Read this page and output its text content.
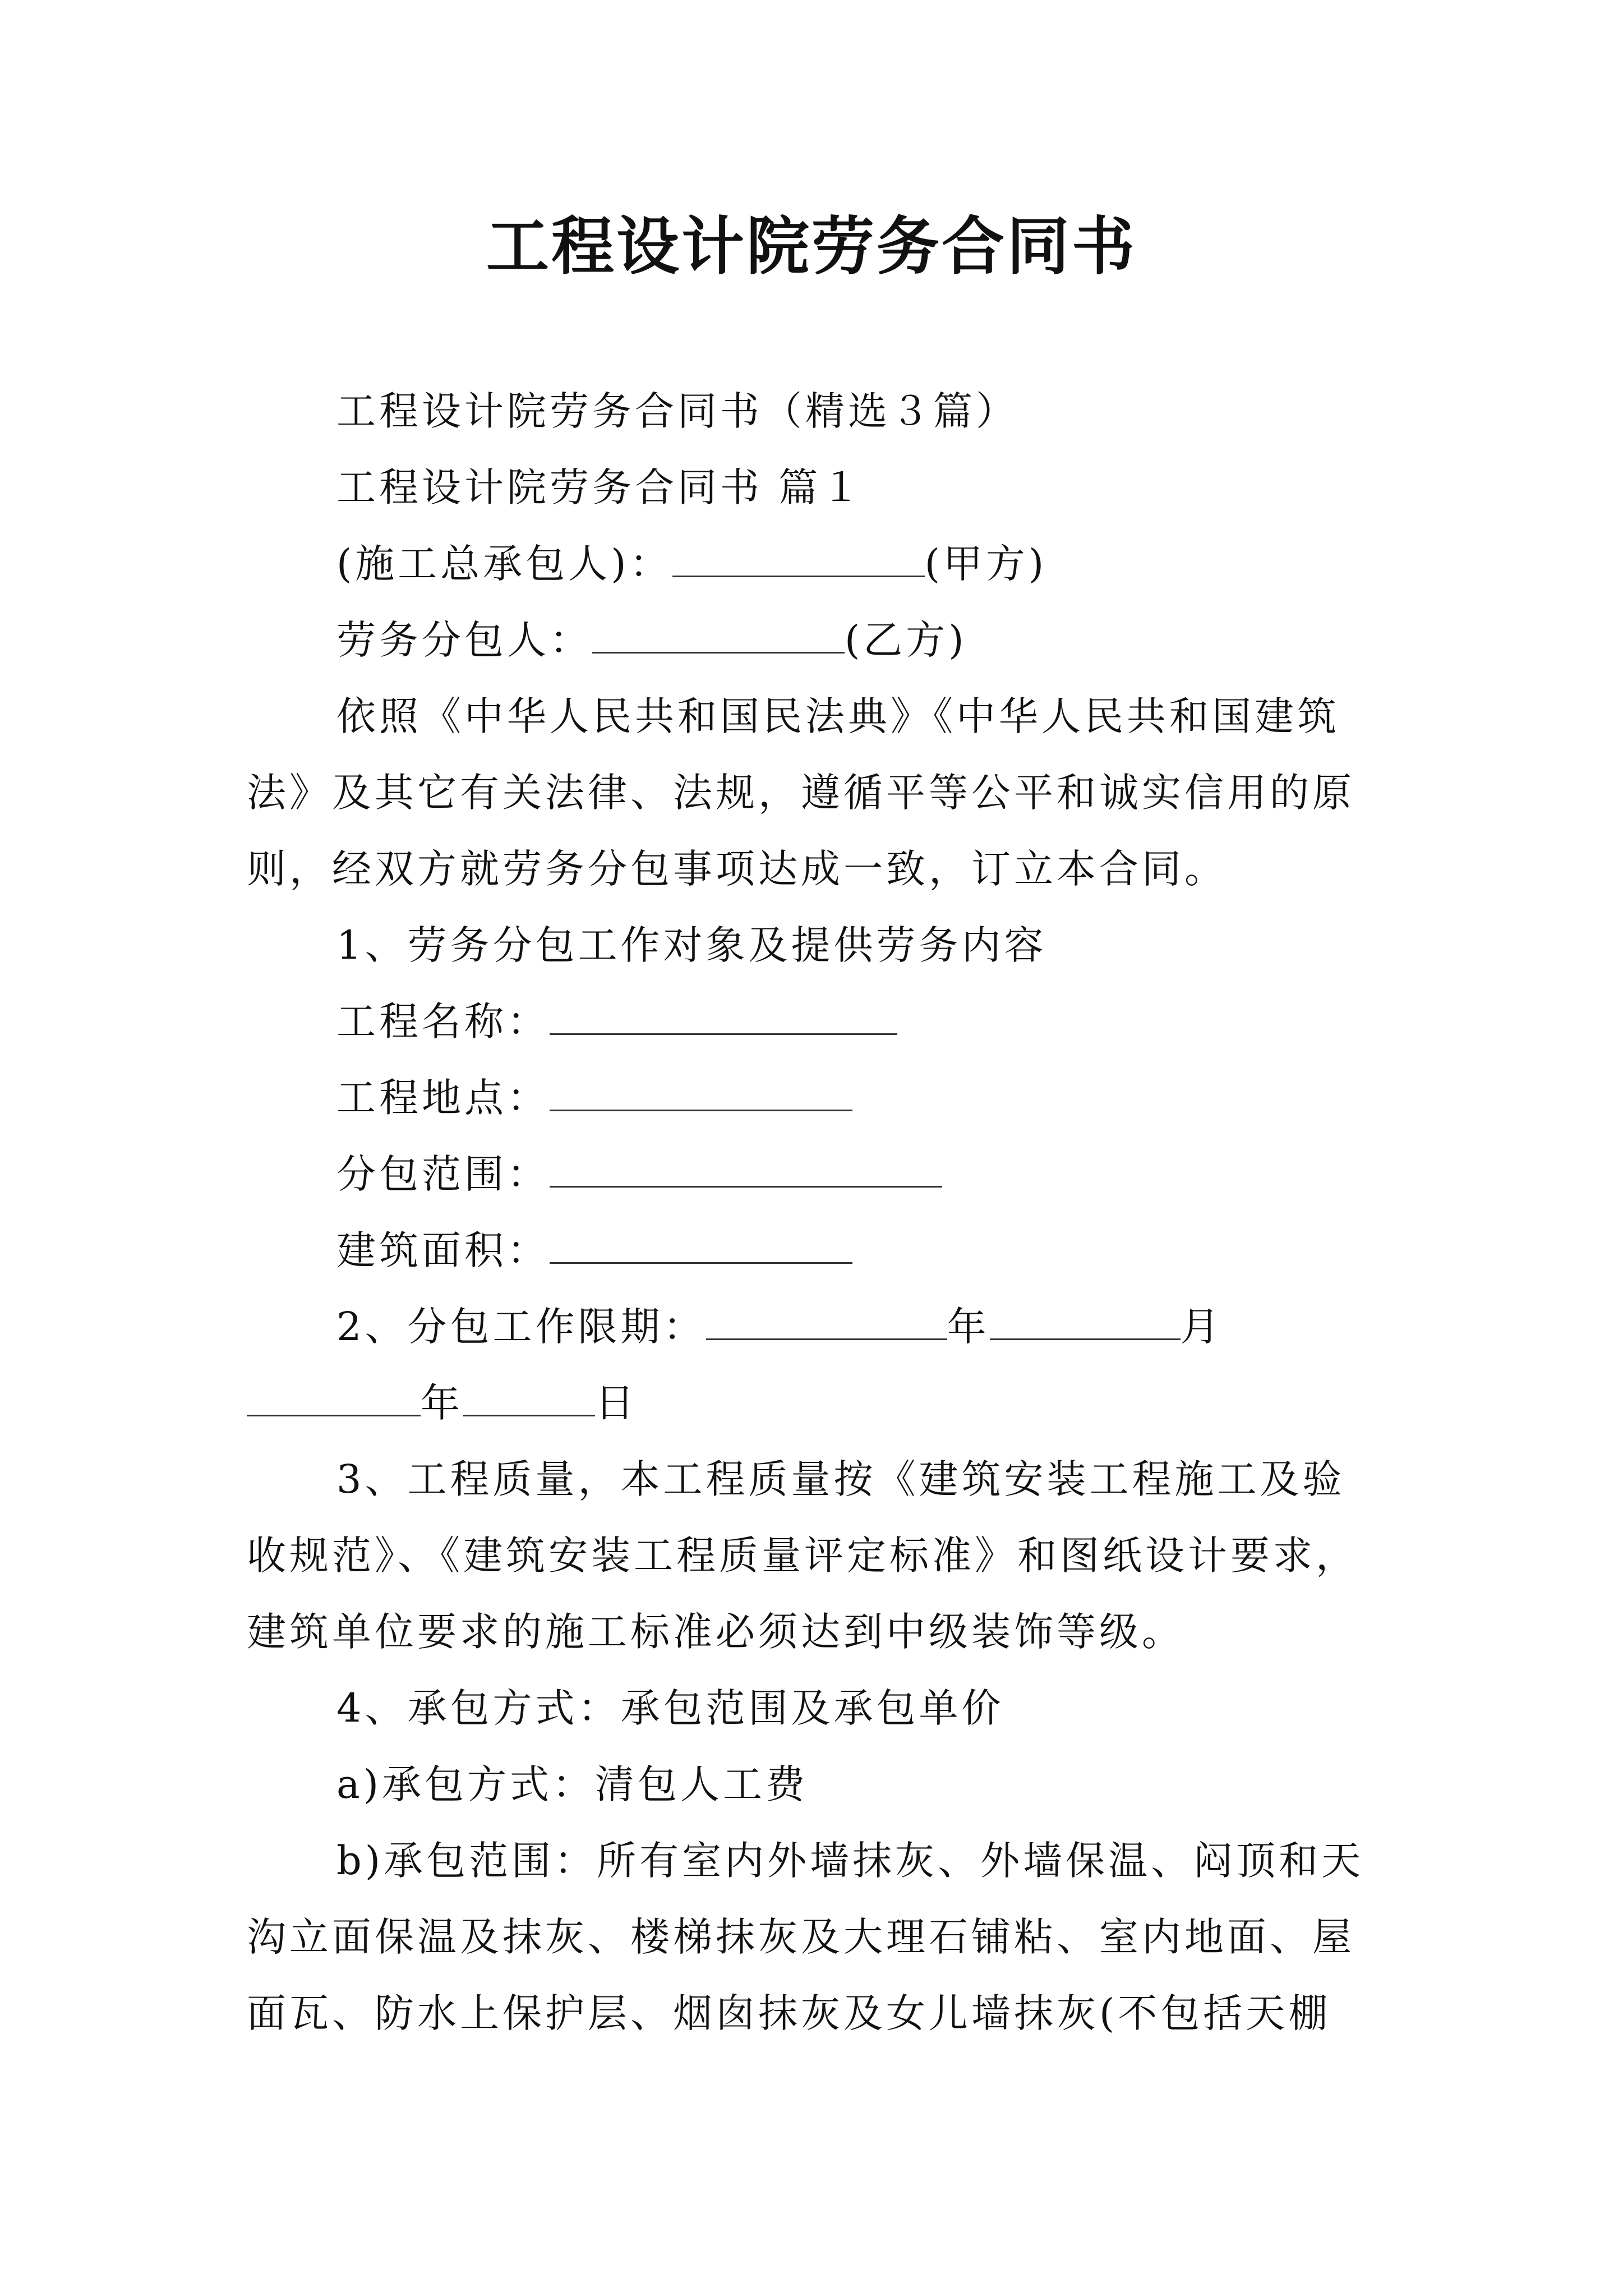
工程设计院劳务合同书

工程设计院劳务合同书（精选３篇）

工程设计院劳务合同书 篇１

(施工总承包人)：	(甲方)

劳务分包人：	(乙方)

依照《中华人民共和国民法典》《中华人民共和国建筑法》及其它有关法律、法规，遵循平等公平和诚实信用的原则，经双方就劳务分包事项达成一致，订立本合同。

1、劳务分包工作对象及提供劳务内容

工程名称：

工程地点：

分包范围：

建筑面积：

2、分包工作限期：	年	月年	日

3、工程质量，本工程质量按《建筑安装工程施工及验收规范》、《建筑安装工程质量评定标准》和图纸设计要求，建筑单位要求的施工标准必须达到中级装饰等级。

4、承包方式：承包范围及承包单价

a)承包方式：清包人工费

b)承包范围：所有室内外墙抹灰、外墙保温、闷顶和天沟立面保温及抹灰、楼梯抹灰及大理石铺粘、室内地面、屋面瓦、防水上保护层、烟囱抹灰及女儿墙抹灰(不包括天棚
